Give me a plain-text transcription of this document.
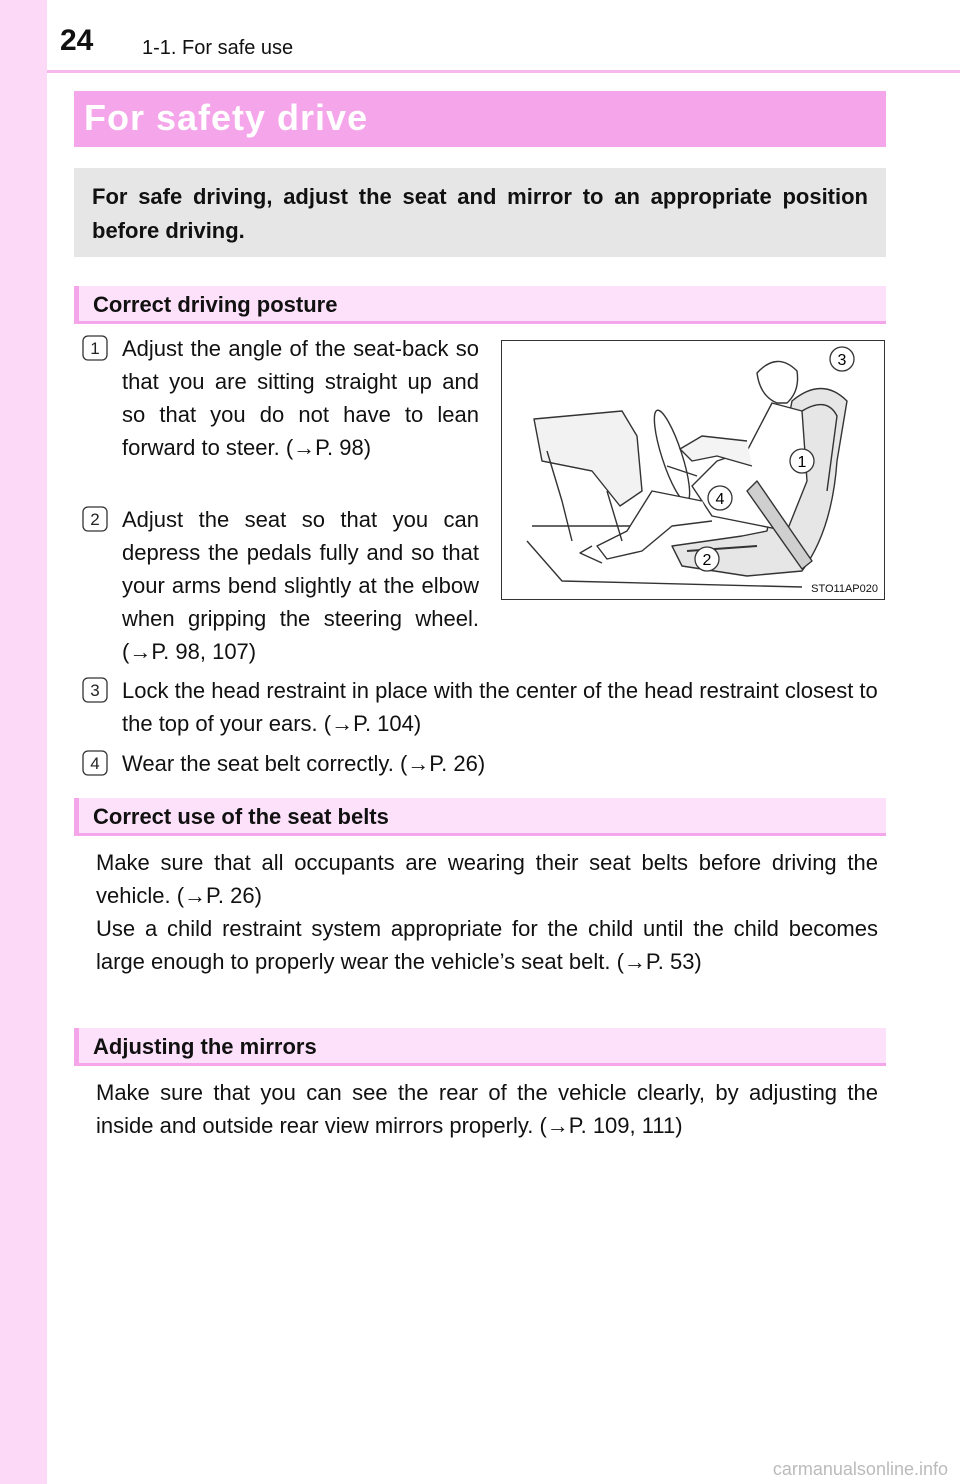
24 1-1. For safe use
For safety drive

For safe driving, adjust the seat and mirror to an appropriate position before driving.

Correct driving posture
1 Adjust the angle of the seat-back so that you are sitting straight up and so that you do not have to lean forward to steer. (→P. 98)

2 Adjust the seat so that you can depress the pedals fully and so that your arms bend slightly at the elbow when gripping the steering wheel. (→P. 98, 107)

3 Lock the head restraint in place with the center of the head restraint closest to the top of your ears. (→P. 104)

4 Wear the seat belt correctly. (→P. 26)

3
1
4
2
STO11AP020
Correct use of the seat belts

Make sure that all occupants are wearing their seat belts before driving the vehicle. (→P. 26)

Use a child restraint system appropriate for the child until the child becomes large enough to properly wear the vehicle’s seat belt. (→P. 53)

Adjusting the mirrors

Make sure that you can see the rear of the vehicle clearly, by adjusting the inside and outside rear view mirrors properly. (→P. 109, 111)

carmanualsonline.info
